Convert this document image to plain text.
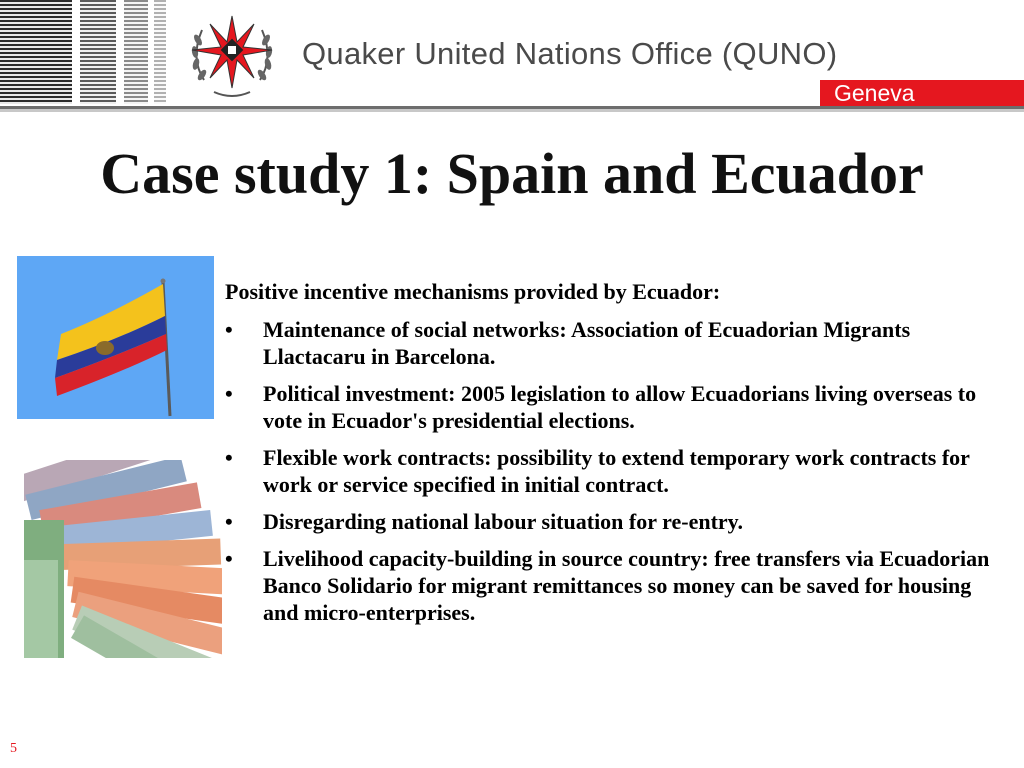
Quaker United Nations Office (QUNO)
Geneva
Case study 1: Spain and Ecuador
Positive incentive mechanisms provided by Ecuador:
• Maintenance of social networks: Association of Ecuadorian Migrants Llactacaru in Barcelona.
• Political investment: 2005 legislation to allow Ecuadorians living overseas to vote in Ecuador's presidential elections.
• Flexible work contracts: possibility to extend temporary work contracts for work or service specified in initial contract.
• Disregarding national labour situation for re-entry.
• Livelihood capacity-building in source country: free transfers via Ecuadorian Banco Solidario for migrant remittances so money can be saved for housing and micro-enterprises.
5
